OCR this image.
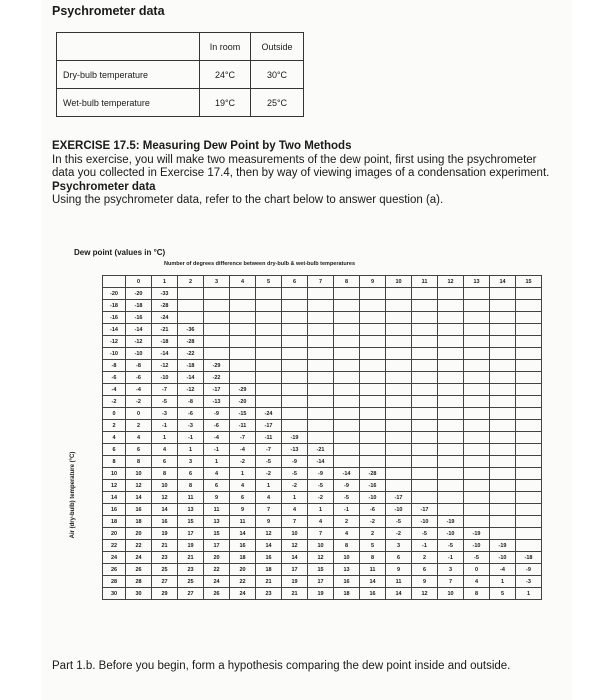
Psychrometer data
	In room	Outside
Dry-bulb temperature	24°C	30°C
Wet-bulb temperature	19°C	25°C

EXERCISE 17.5: Measuring Dew Point by Two Methods

In this exercise, you will make two measurements of the dew point, first using the psychrometer data you collected in Exercise 17.4, then by way of viewing images of a condensation experiment.

Psychrometer data

Using the psychrometer data, refer to the chart below to answer question (a).

Dew point (values in °C)
Number of degrees difference between dry-bulb & wet-bulb temperatures
Air (dry-bulb) temperature (°C)
	0	1	2	3	4	5	6	7	8	9	10	11	12	13	14	15
-20	-20	-33														
-18	-18	-28														
-16	-16	-24														
-14	-14	-21	-36													
-12	-12	-18	-28													
-10	-10	-14	-22													
-8	-8	-12	-18	-29												
-6	-6	-10	-14	-22												
-4	-4	-7	-12	-17	-29											
-2	-2	-5	-8	-13	-20											
0	0	-3	-6	-9	-15	-24										
2	2	-1	-3	-6	-11	-17										
4	4	1	-1	-4	-7	-11	-19									
6	6	4	1	-1	-4	-7	-13	-21								
8	8	6	3	1	-2	-5	-9	-14								
10	10	8	6	4	1	-2	-5	-9	-14	-28						
12	12	10	8	6	4	1	-2	-5	-9	-16						
14	14	12	11	9	6	4	1	-2	-5	-10	-17					
16	16	14	13	11	9	7	4	1	-1	-6	-10	-17				
18	18	16	15	13	11	9	7	4	2	-2	-5	-10	-19			
20	20	19	17	15	14	12	10	7	4	2	-2	-5	-10	-19		
22	22	21	19	17	16	14	12	10	8	5	3	-1	-5	-10	-19	
24	24	23	21	20	18	16	14	12	10	8	6	2	-1	-5	-10	-18
26	26	25	23	22	20	18	17	15	13	11	9	6	3	0	-4	-9
28	28	27	25	24	22	21	19	17	16	14	11	9	7	4	1	-3
30	30	29	27	26	24	23	21	19	18	16	14	12	10	8	5	1
Part 1.b. Before you begin, form a hypothesis comparing the dew point inside and outside.
